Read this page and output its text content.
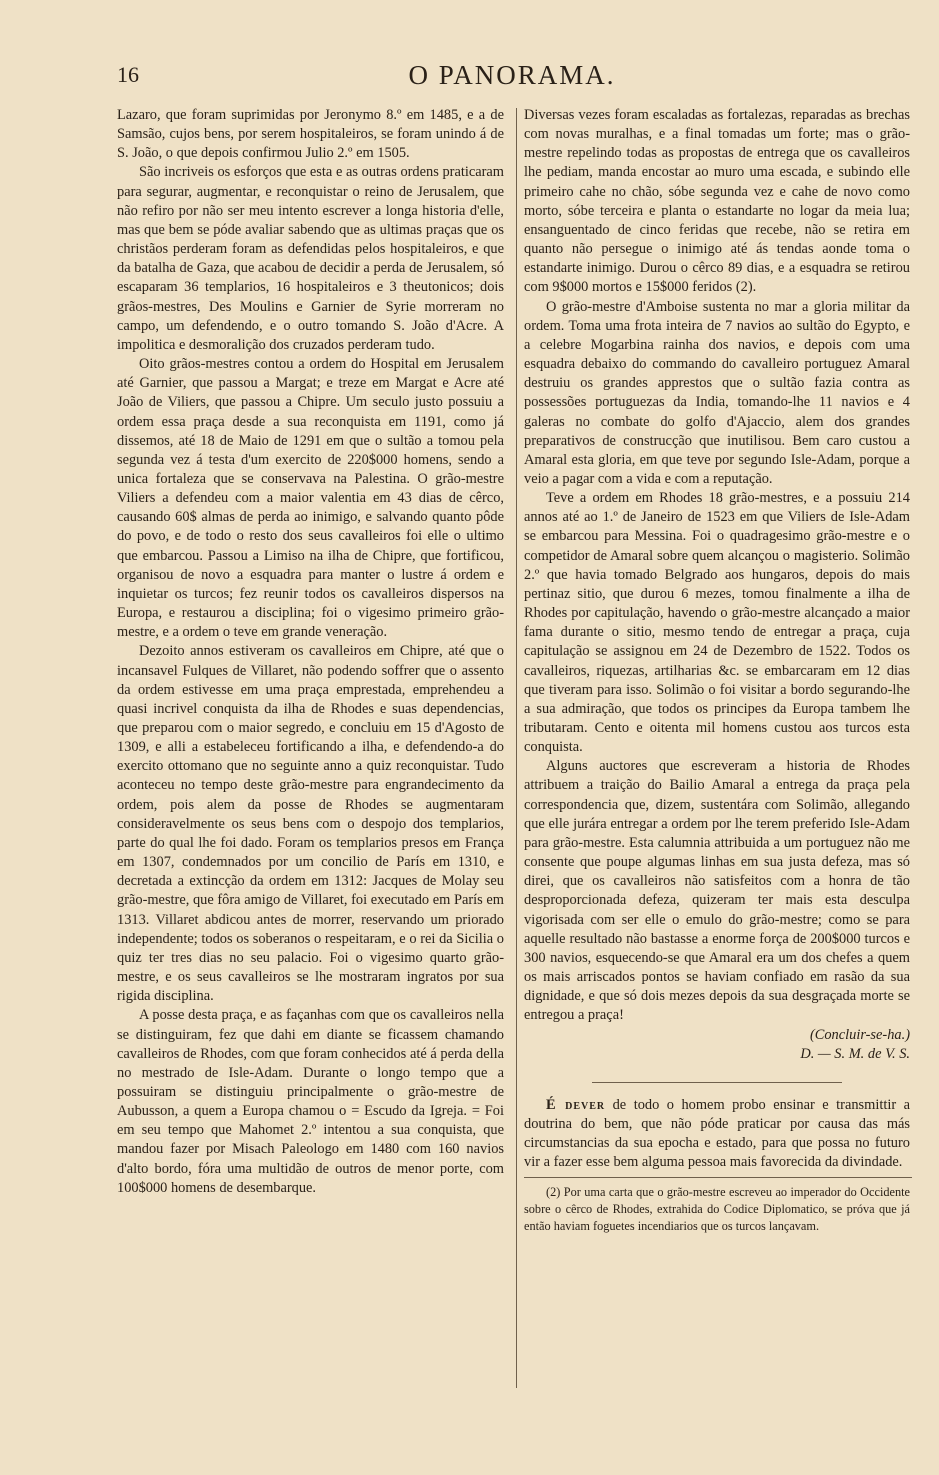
16	O PANORAMA.

Lazaro, que foram suprimidas por Jeronymo 8.º em 1485, e a de Samsão, cujos bens, por serem hospitaleiros, se foram unindo á de S. João, o que depois confirmou Julio 2.º em 1505.

São incriveis os esforços que esta e as outras ordens praticaram para segurar, augmentar, e reconquistar o reino de Jerusalem, que não refiro por não ser meu intento escrever a longa historia d'elle, mas que bem se póde avaliar sabendo que as ultimas praças que os christãos perderam foram as defendidas pelos hospitaleiros, e que da batalha de Gaza, que acabou de decidir a perda de Jerusalem, só escaparam 36 templarios, 16 hospitaleiros e 3 theutonicos; dois grãos-mestres, Des Moulins e Garnier de Syrie morreram no campo, um defendendo, e o outro tomando S. João d'Acre. A impolitica e desmoralição dos cruzados perderam tudo.

Oito grãos-mestres contou a ordem do Hospital em Jerusalem até Garnier, que passou a Margat; e treze em Margat e Acre até João de Viliers, que passou a Chipre. Um seculo justo possuiu a ordem essa praça desde a sua reconquista em 1191, como já dissemos, até 18 de Maio de 1291 em que o sultão a tomou pela segunda vez á testa d'um exercito de 220$000 homens, sendo a unica fortaleza que se conservava na Palestina. O grão-mestre Viliers a defendeu com a maior valentia em 43 dias de cêrco, causando 60$ almas de perda ao inimigo, e salvando quanto pôde do povo, e de todo o resto dos seus cavalleiros foi elle o ultimo que embarcou. Passou a Limiso na ilha de Chipre, que fortificou, organisou de novo a esquadra para manter o lustre á ordem e inquietar os turcos; fez reunir todos os cavalleiros dispersos na Europa, e restaurou a disciplina; foi o vigesimo primeiro grão-mestre, e a ordem o teve em grande veneração.

Dezoito annos estiveram os cavalleiros em Chipre, até que o incansavel Fulques de Villaret, não podendo soffrer que o assento da ordem estivesse em uma praça emprestada, emprehendeu a quasi incrivel conquista da ilha de Rhodes e suas dependencias, que preparou com o maior segredo, e concluiu em 15 d'Agosto de 1309, e alli a estabeleceu fortificando a ilha, e defendendo-a do exercito ottomano que no seguinte anno a quiz reconquistar. Tudo aconteceu no tempo deste grão-mestre para engrandecimento da ordem, pois alem da posse de Rhodes se augmentaram consideravelmente os seus bens com o despojo dos templarios, parte do qual lhe foi dado. Foram os templarios presos em França em 1307, condemnados por um concilio de París em 1310, e decretada a extincção da ordem em 1312: Jacques de Molay seu grão-mestre, que fôra amigo de Villaret, foi executado em París em 1313. Villaret abdicou antes de morrer, reservando um priorado independente; todos os soberanos o respeitaram, e o rei da Sicilia o quiz ter tres dias no seu palacio. Foi o vigesimo quarto grão-mestre, e os seus cavalleiros se lhe mostraram ingratos por sua rigida disciplina.

A posse desta praça, e as façanhas com que os cavalleiros nella se distinguiram, fez que dahi em diante se ficassem chamando cavalleiros de Rhodes, com que foram conhecidos até á perda della no mestrado de Isle-Adam. Durante o longo tempo que a possuiram se distinguiu principalmente o grão-mestre de Aubusson, a quem a Europa chamou o = Escudo da Igreja. = Foi em seu tempo que Mahomet 2.º intentou a sua conquista, que mandou fazer por Misach Paleologo em 1480 com 160 navios d'alto bordo, fóra uma multidão de outros de menor porte, com 100$000 homens de desembarque.

Diversas vezes foram escaladas as fortalezas, reparadas as brechas com novas muralhas, e a final tomadas um forte; mas o grão-mestre repelindo todas as propostas de entrega que os cavalleiros lhe pediam, manda encostar ao muro uma escada, e subindo elle primeiro cahe no chão, sóbe segunda vez e cahe de novo como morto, sóbe terceira e planta o estandarte no logar da meia lua; ensanguentado de cinco feridas que recebe, não se retira em quanto não persegue o inimigo até ás tendas aonde toma o estandarte inimigo. Durou o cêrco 89 dias, e a esquadra se retirou com 9$000 mortos e 15$000 feridos (2).

O grão-mestre d'Amboise sustenta no mar a gloria militar da ordem. Toma uma frota inteira de 7 navios ao sultão do Egypto, e a celebre Mogarbina rainha dos navios, e depois com uma esquadra debaixo do commando do cavalleiro portuguez Amaral destruiu os grandes apprestos que o sultão fazia contra as possessões portuguezas da India, tomando-lhe 11 navios e 4 galeras no combate do golfo d'Ajaccio, alem dos grandes preparativos de construcção que inutilisou. Bem caro custou a Amaral esta gloria, em que teve por segundo Isle-Adam, porque a veio a pagar com a vida e com a reputação.

Teve a ordem em Rhodes 18 grão-mestres, e a possuiu 214 annos até ao 1.º de Janeiro de 1523 em que Viliers de Isle-Adam se embarcou para Messina. Foi o quadragesimo grão-mestre e o competidor de Amaral sobre quem alcançou o magisterio. Solimão 2.º que havia tomado Belgrado aos hungaros, depois do mais pertinaz sitio, que durou 6 mezes, tomou finalmente a ilha de Rhodes por capitulação, havendo o grão-mestre alcançado a maior fama durante o sitio, mesmo tendo de entregar a praça, cuja capitulação se assignou em 24 de Dezembro de 1522. Todos os cavalleiros, riquezas, artilharias &c. se embarcaram em 12 dias que tiveram para isso. Solimão o foi visitar a bordo segurando-lhe a sua admiração, que todos os principes da Europa tambem lhe tributaram. Cento e oitenta mil homens custou aos turcos esta conquista.

Alguns auctores que escreveram a historia de Rhodes attribuem a traição do Bailio Amaral a entrega da praça pela correspondencia que, dizem, sustentára com Solimão, allegando que elle jurára entregar a ordem por lhe terem preferido Isle-Adam para grão-mestre. Esta calumnia attribuida a um portuguez não me consente que poupe algumas linhas em sua justa defeza, mas só direi, que os cavalleiros não satisfeitos com a honra de tão desproporcionada defeza, quizeram ter mais esta desculpa vigorisada com ser elle o emulo do grão-mestre; como se para aquelle resultado não bastasse a enorme força de 200$000 turcos e 300 navios, esquecendo-se que Amaral era um dos chefes a quem os mais arriscados pontos se haviam confiado em rasão da sua dignidade, e que só dois mezes depois da sua desgraçada morte se entregou a praça!

(Concluir-se-ha.)

D. — S. M. de V. S.

É dever de todo o homem probo ensinar e transmittir a doutrina do bem, que não póde praticar por causa das más circumstancias da sua epocha e estado, para que possa no futuro vir a fazer esse bem alguma pessoa mais favorecida da divindade.

(2) Por uma carta que o grão-mestre escreveu ao imperador do Occidente sobre o cêrco de Rhodes, extrahida do Codice Diplomatico, se próva que já então haviam foguetes incendiarios que os turcos lançavam.
